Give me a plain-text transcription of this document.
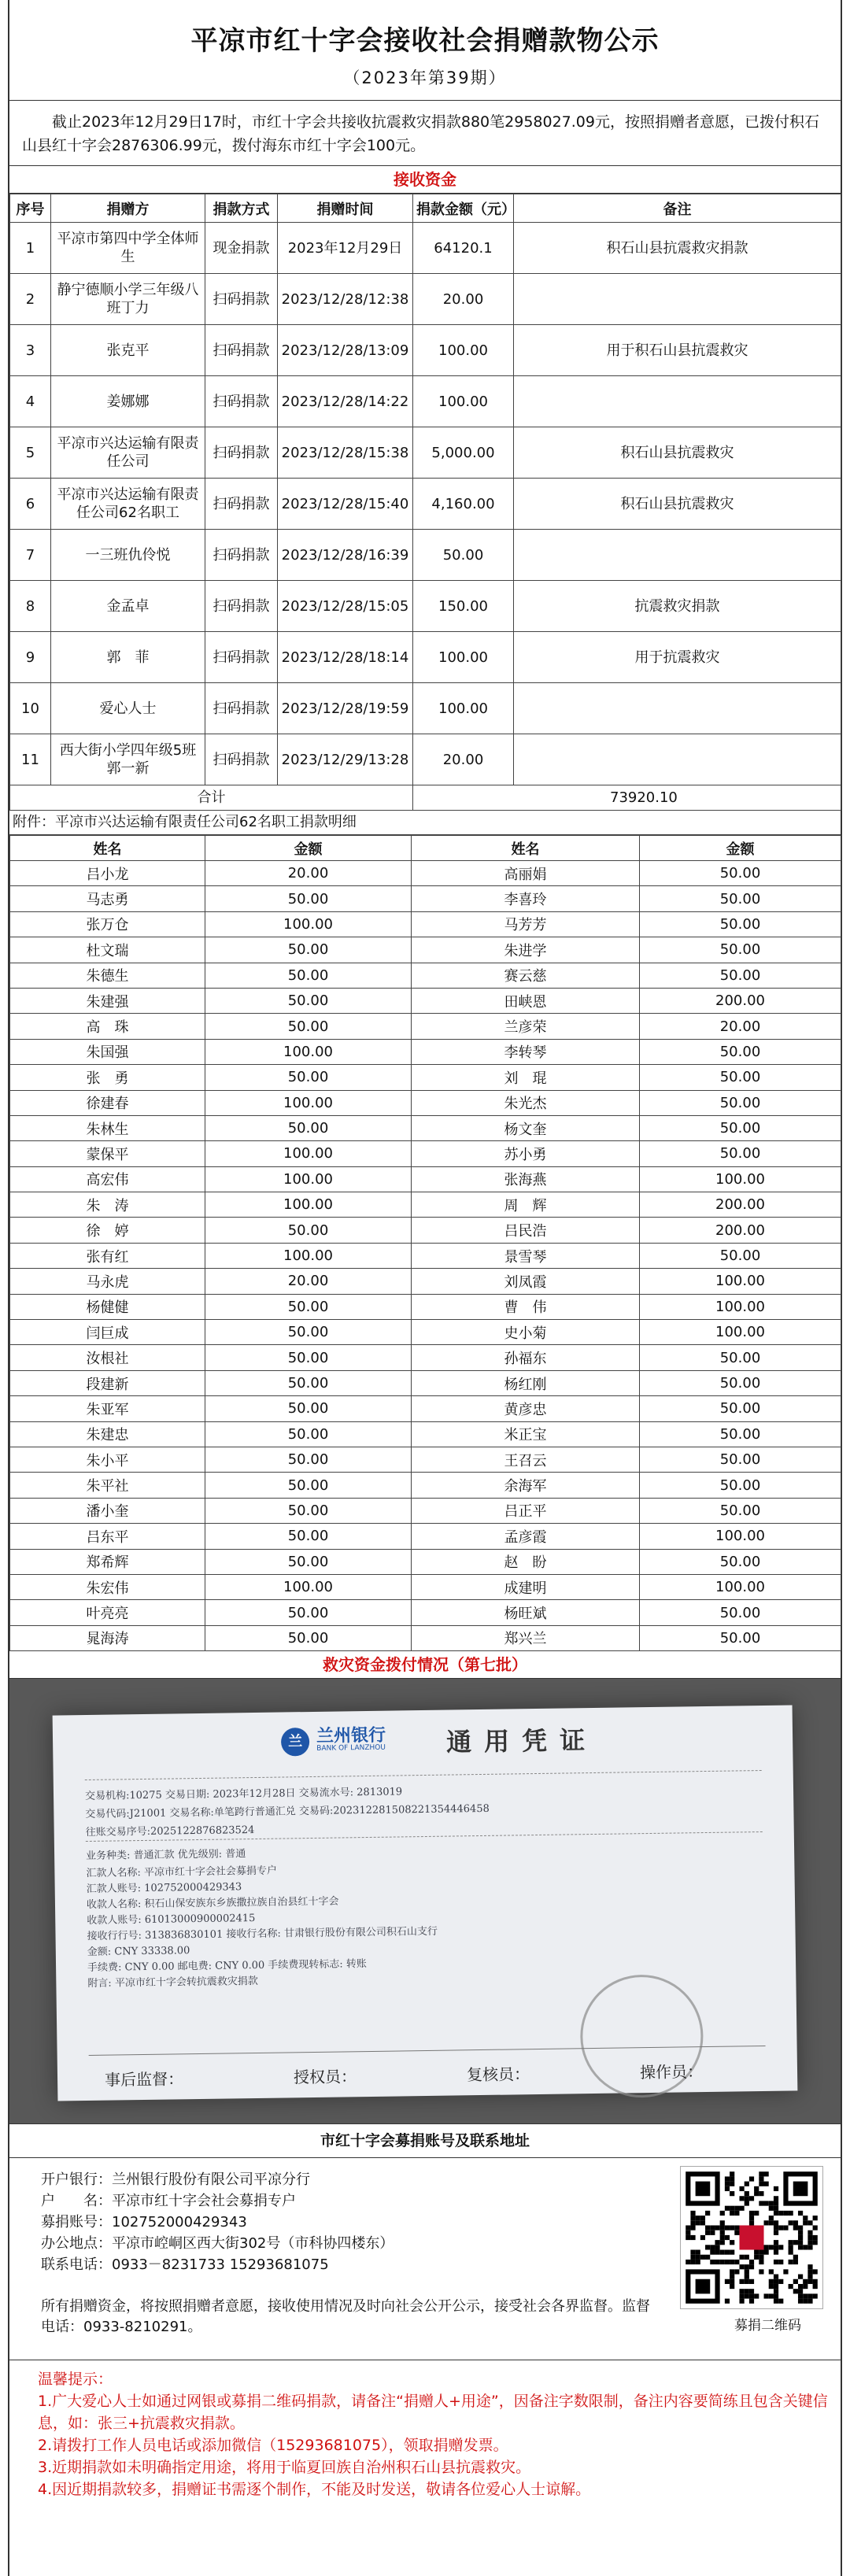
平凉市红十字会接收社会捐赠款物公示
（2023年第39期）
截止2023年12月29日17时，市红十字会共接收抗震救灾捐款880笔2958027.09元，按照捐赠者意愿，已拨付积石山县红十字会2876306.99元，拨付海东市红十字会100元。
接收资金
序号	捐赠方	捐款方式	捐赠时间	捐款金额（元）	备注
1	平凉市第四中学全体师生	现金捐款	2023年12月29日	64120.1	积石山县抗震救灾捐款
2	静宁德顺小学三年级八班丁力	扫码捐款	2023/12/28/12:38	20.00	
3	张克平	扫码捐款	2023/12/28/13:09	100.00	用于积石山县抗震救灾
4	姜娜娜	扫码捐款	2023/12/28/14:22	100.00	
5	平凉市兴达运输有限责任公司	扫码捐款	2023/12/28/15:38	5,000.00	积石山县抗震救灾
6	平凉市兴达运输有限责任公司62名职工	扫码捐款	2023/12/28/15:40	4,160.00	积石山县抗震救灾
7	一三班仇伶悦	扫码捐款	2023/12/28/16:39	50.00	
8	金孟卓	扫码捐款	2023/12/28/15:05	150.00	抗震救灾捐款
9	郭　菲	扫码捐款	2023/12/28/18:14	100.00	用于抗震救灾
10	爱心人士	扫码捐款	2023/12/28/19:59	100.00	
11	西大街小学四年级5班郭一新	扫码捐款	2023/12/29/13:28	20.00	
合计				73920.10	
附件：平凉市兴达运输有限责任公司62名职工捐款明细
姓名	金额	姓名	金额
吕小龙	20.00	高丽娟	50.00
马志勇	50.00	李喜玲	50.00
张万仓	100.00	马芳芳	50.00
杜文瑞	50.00	朱进学	50.00
朱德生	50.00	赛云慈	50.00
朱建强	50.00	田峡恩	200.00
高　珠	50.00	兰彦荣	20.00
朱国强	100.00	李转琴	50.00
张　勇	50.00	刘　琨	50.00
徐建春	100.00	朱光杰	50.00
朱林生	50.00	杨文奎	50.00
蒙保平	100.00	苏小勇	50.00
高宏伟	100.00	张海燕	100.00
朱　涛	100.00	周　辉	200.00
徐　婷	50.00	吕民浩	200.00
张有红	100.00	景雪琴	50.00
马永虎	20.00	刘凤霞	100.00
杨健健	50.00	曹　伟	100.00
闫巨成	50.00	史小菊	100.00
汝根社	50.00	孙福东	50.00
段建新	50.00	杨红刚	50.00
朱亚军	50.00	黄彦忠	50.00
朱建忠	50.00	米正宝	50.00
朱小平	50.00	王召云	50.00
朱平社	50.00	余海军	50.00
潘小奎	50.00	吕正平	50.00
吕东平	50.00	孟彦霞	100.00
郑希辉	50.00	赵　盼	50.00
朱宏伟	100.00	成建明	100.00
叶亮亮	50.00	杨旺斌	50.00
晁海涛	50.00	郑兴兰	50.00
救灾资金拨付情况（第七批）
兰 兰州银行
BANK OF LANZHOU 通用凭证
交易机构:10275 交易日期: 2023年12月28日 交易流水号: 2813019
交易代码:J21001 交易名称:单笔跨行普通汇兑 交易码:202312281508221354446458
往账交易序号:2025122876823524
业务种类: 普通汇款 优先级别: 普通
汇款人名称: 平凉市红十字会社会募捐专户
汇款人账号: 102752000429343
收款人名称: 积石山保安族东乡族撒拉族自治县红十字会
收款人账号: 61013000900002415
接收行行号: 313836830101 接收行名称: 甘肃银行股份有限公司积石山支行
金额: CNY 33338.00
手续费: CNY 0.00 邮电费: CNY 0.00 手续费现转标志: 转账
附言: 平凉市红十字会转抗震救灾捐款
事后监督：	授权员：	复核员：	操作员：
市红十字会募捐账号及联系地址
开户银行：兰州银行股份有限公司平凉分行
户　　名：平凉市红十字会社会募捐专户
募捐账号：102752000429343
办公地点：平凉市崆峒区西大街302号（市科协四楼东）
联系电话：0933－8231733 15293681075
所有捐赠资金，将按照捐赠者意愿，接收使用情况及时向社会公开公示，接受社会各界监督。监督电话：0933-8210291。	募捐二维码
温馨提示：
1.广大爱心人士如通过网银或募捐二维码捐款，请备注“捐赠人+用途”，因备注字数限制，备注内容要简练且包含关键信息，如：张三+抗震救灾捐款。
2.请拨打工作人员电话或添加微信（15293681075），领取捐赠发票。
3.近期捐款如未明确指定用途，将用于临夏回族自治州积石山县抗震救灾。
4.因近期捐款较多，捐赠证书需逐个制作，不能及时发送，敬请各位爱心人士谅解。
